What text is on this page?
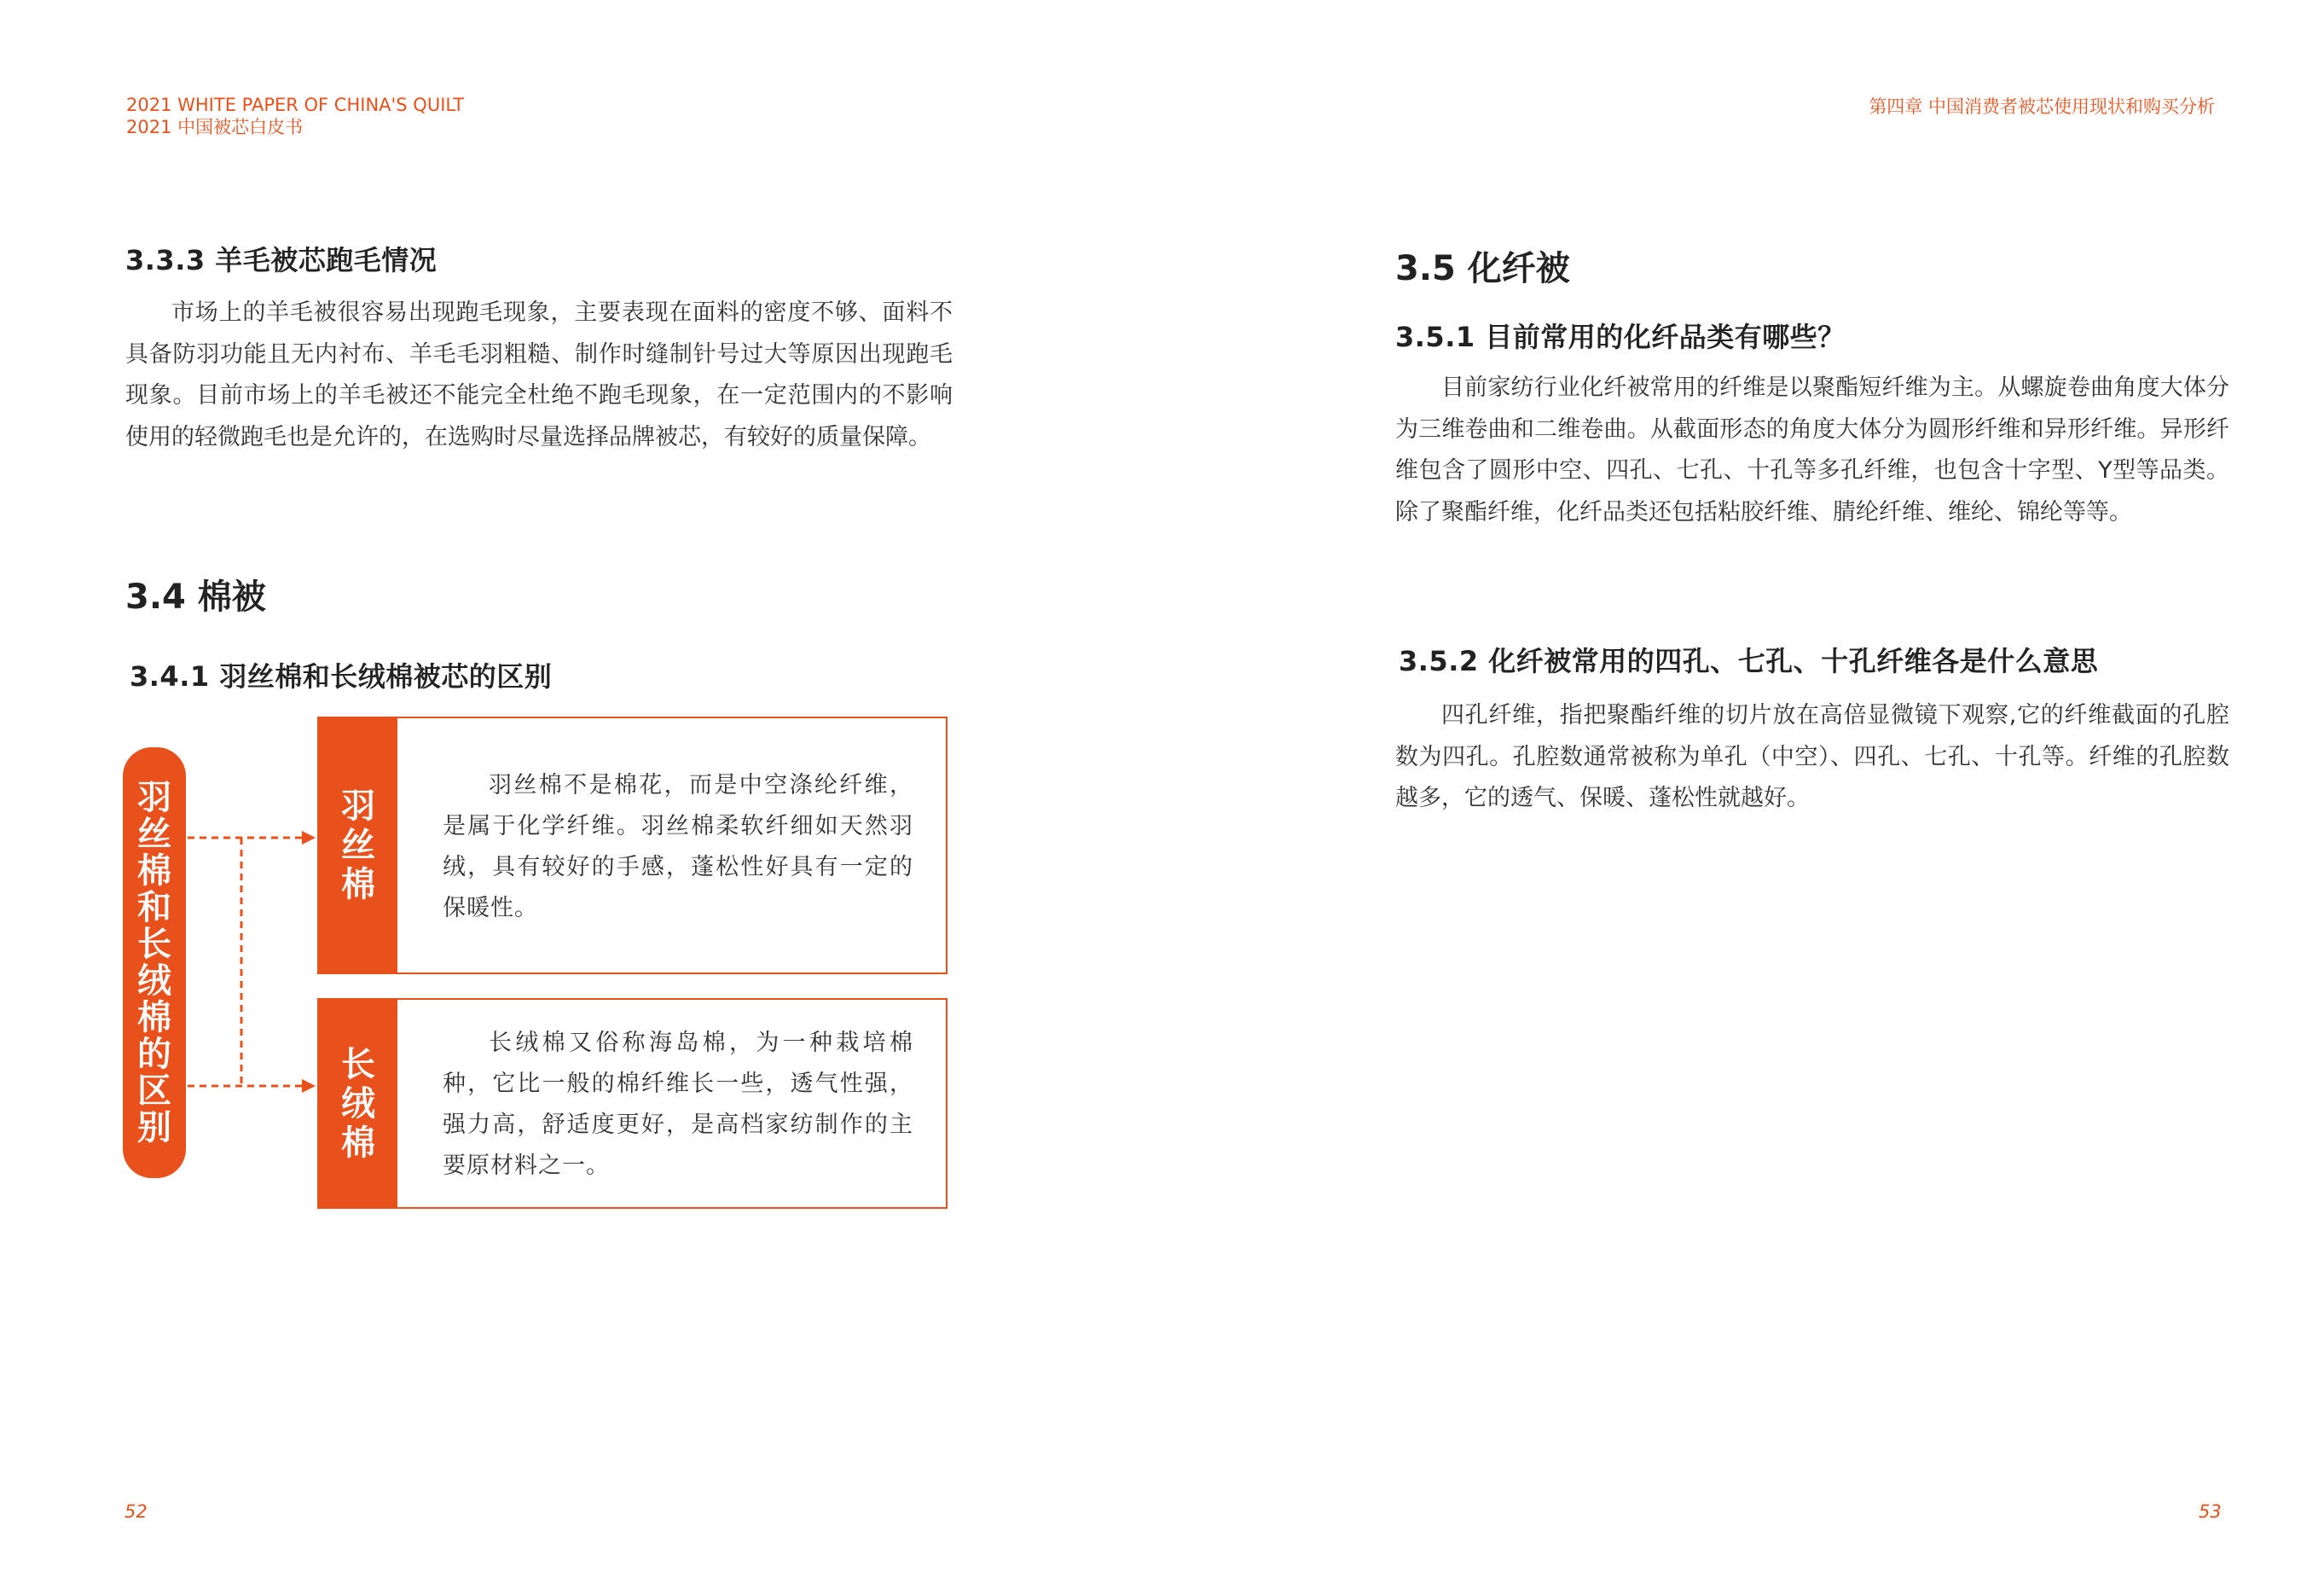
2021 WHITE PAPER OF CHINA'S QUILT
2021 中国被芯白皮书
第四章 中国消费者被芯使用现状和购买分析
3.3.3 羊毛被芯跑毛情况
市场上的羊毛被很容易出现跑毛现象，主要表现在面料的密度不够、面料不具备防羽功能且无内衬布、羊毛毛羽粗糙、制作时缝制针号过大等原因出现跑毛现象。目前市场上的羊毛被还不能完全杜绝不跑毛现象，在一定范围内的不影响使用的轻微跑毛也是允许的，在选购时尽量选择品牌被芯，有较好的质量保障。
3.4 棉被
3.4.1 羽丝棉和长绒棉被芯的区别
羽
丝
棉
和
长
绒
棉
的
区
别
羽
丝
棉
羽丝棉不是棉花，而是中空涤纶纤维，是属于化学纤维。羽丝棉柔软纤细如天然羽绒，具有较好的手感，蓬松性好具有一定的保暖性。
长
绒
棉
长绒棉又俗称海岛棉，为一种栽培棉种，它比一般的棉纤维长一些，透气性强，强力高，舒适度更好，是高档家纺制作的主要原材料之一。
52
3.5 化纤被
3.5.1 目前常用的化纤品类有哪些？
目前家纺行业化纤被常用的纤维是以聚酯短纤维为主。从螺旋卷曲角度大体分为三维卷曲和二维卷曲。从截面形态的角度大体分为圆形纤维和异形纤维。异形纤维包含了圆形中空、四孔、七孔、十孔等多孔纤维，也包含十字型、Y型等品类。除了聚酯纤维，化纤品类还包括粘胶纤维、腈纶纤维、维纶、锦纶等等。
3.5.2 化纤被常用的四孔、七孔、十孔纤维各是什么意思
四孔纤维，指把聚酯纤维的切片放在高倍显微镜下观察,它的纤维截面的孔腔数为四孔。孔腔数通常被称为单孔（中空）、四孔、七孔、十孔等。纤维的孔腔数越多，它的透气、保暖、蓬松性就越好。
53
